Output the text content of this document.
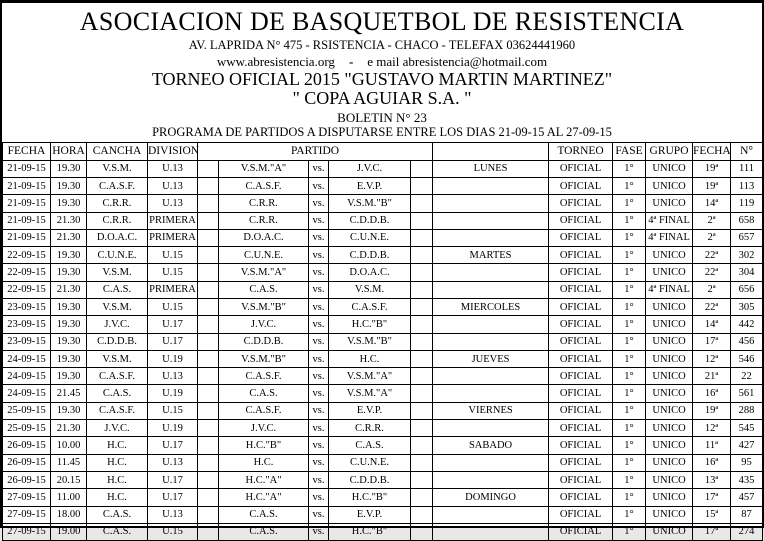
ASOCIACION DE BASQUETBOL DE RESISTENCIA
AV. LAPRIDA N° 475 - RSISTENCIA - CHACO - TELEFAX 03624441960
www.abresistencia.org - e mail abresistencia@hotmail.com
TORNEO OFICIAL 2015 "GUSTAVO MARTIN MARTINEZ"
" COPA AGUIAR S.A. "
BOLETIN N° 23
PROGRAMA DE PARTIDOS A DISPUTARSE ENTRE LOS DIAS 21-09-15 AL 27-09-15
FECHA	HORA	CANCHA	DIVISION	PARTIDO						TORNEO	FASE	GRUPO	FECHA	N°
21-09-15	19.30	V.S.M.	U.13		V.S.M."A"	vs.	J.V.C.		LUNES	OFICIAL	1°	UNICO	19ª	111
21-09-15	19.30	C.A.S.F.	U.13		C.A.S.F.	vs.	E.V.P.			OFICIAL	1°	UNICO	19ª	113
21-09-15	19.30	C.R.R.	U.13		C.R.R.	vs.	V.S.M."B"			OFICIAL	1°	UNICO	14ª	119
21-09-15	21.30	C.R.R.	PRIMERA		C.R.R.	vs.	C.D.D.B.			OFICIAL	1°	4ª FINAL	2ª	658
21-09-15	21.30	D.O.A.C.	PRIMERA		D.O.A.C.	vs.	C.U.N.E.			OFICIAL	1°	4ª FINAL	2ª	657
22-09-15	19.30	C.U.N.E.	U.15		C.U.N.E.	vs.	C.D.D.B.		MARTES	OFICIAL	1°	UNICO	22ª	302
22-09-15	19.30	V.S.M.	U.15		V.S.M."A"	vs.	D.O.A.C.			OFICIAL	1°	UNICO	22ª	304
22-09-15	21.30	C.A.S.	PRIMERA		C.A.S.	vs.	V.S.M.			OFICIAL	1°	4ª FINAL	2ª	656
23-09-15	19.30	V.S.M.	U.15		V.S.M."B"	vs.	C.A.S.F.		MIERCOLES	OFICIAL	1°	UNICO	22ª	305
23-09-15	19.30	J.V.C.	U.17		J.V.C.	vs.	H.C."B"			OFICIAL	1°	UNICO	14ª	442
23-09-15	19.30	C.D.D.B.	U.17		C.D.D.B.	vs.	V.S.M."B"			OFICIAL	1°	UNICO	17ª	456
24-09-15	19.30	V.S.M.	U.19		V.S.M."B"	vs.	H.C.		JUEVES	OFICIAL	1°	UNICO	12ª	546
24-09-15	19.30	C.A.S.F.	U.13		C.A.S.F.	vs.	V.S.M."A"			OFICIAL	1°	UNICO	21ª	22
24-09-15	21.45	C.A.S.	U.19		C.A.S.	vs.	V.S.M."A"			OFICIAL	1°	UNICO	16ª	561
25-09-15	19.30	C.A.S.F.	U.15		C.A.S.F.	vs.	E.V.P.		VIERNES	OFICIAL	1°	UNICO	19ª	288
25-09-15	21.30	J.V.C.	U.19		J.V.C.	vs.	C.R.R.			OFICIAL	1°	UNICO	12ª	545
26-09-15	10.00	H.C.	U.17		H.C."B"	vs.	C.A.S.		SABADO	OFICIAL	1°	UNICO	11ª	427
26-09-15	11.45	H.C.	U.13		H.C.	vs.	C.U.N.E.			OFICIAL	1°	UNICO	16ª	95
26-09-15	20.15	H.C.	U.17		H.C."A"	vs.	C.D.D.B.			OFICIAL	1°	UNICO	13ª	435
27-09-15	11.00	H.C.	U.17		H.C."A"	vs.	H.C."B"		DOMINGO	OFICIAL	1°	UNICO	17ª	457
27-09-15	18.00	C.A.S.	U.13		C.A.S.	vs.	E.V.P.			OFICIAL	1°	UNICO	15ª	87
27-09-15	19.00	C.A.S.	U.15		C.A.S.	vs.	H.C."B"			OFICIAL	1°	UNICO	17ª	274
